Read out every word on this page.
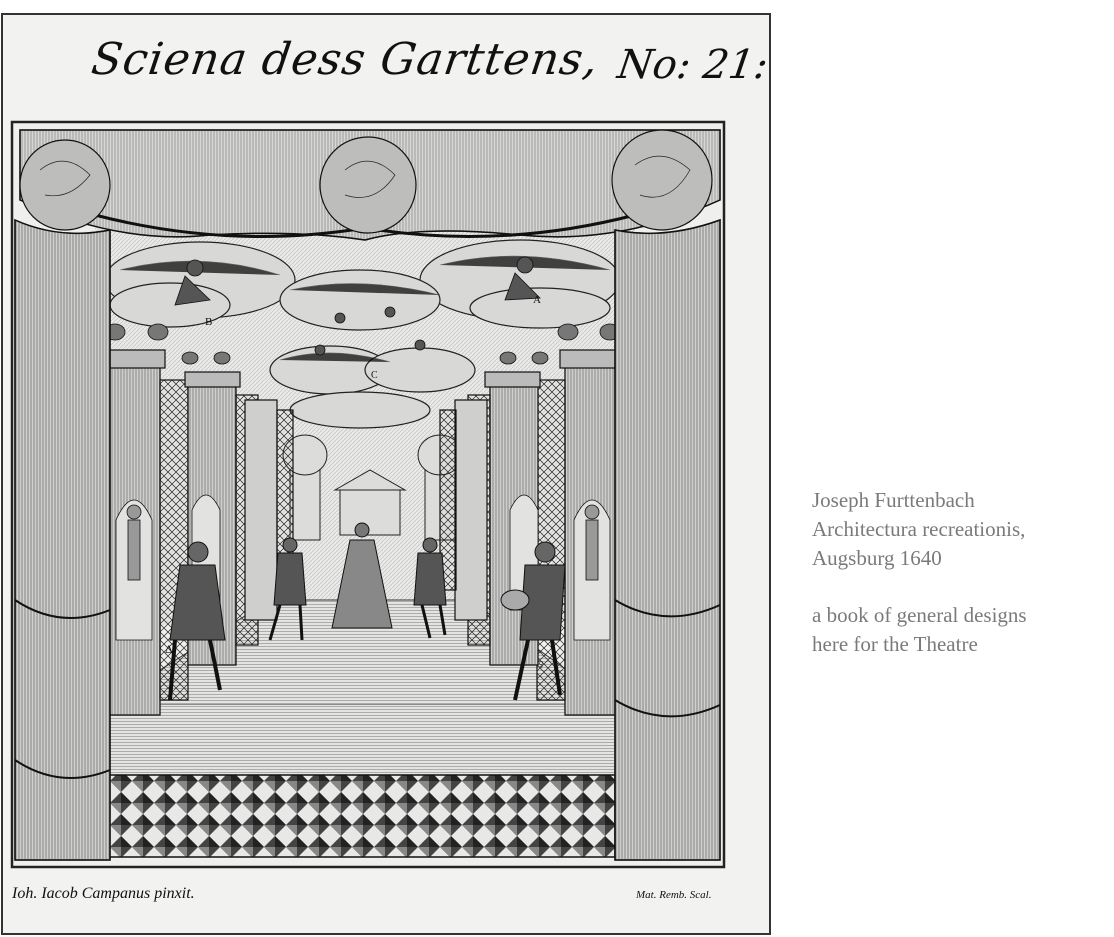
Sciena dess Garttens, No: 21:
Ioh. Iacob Campanus pinxit.	Mat. Remb. Scal.
A
B
C
Δ
♀

Joseph Furttenbach

Architectura recreationis,

Augsburg 1640

a book of general designs

here for the Theatre
